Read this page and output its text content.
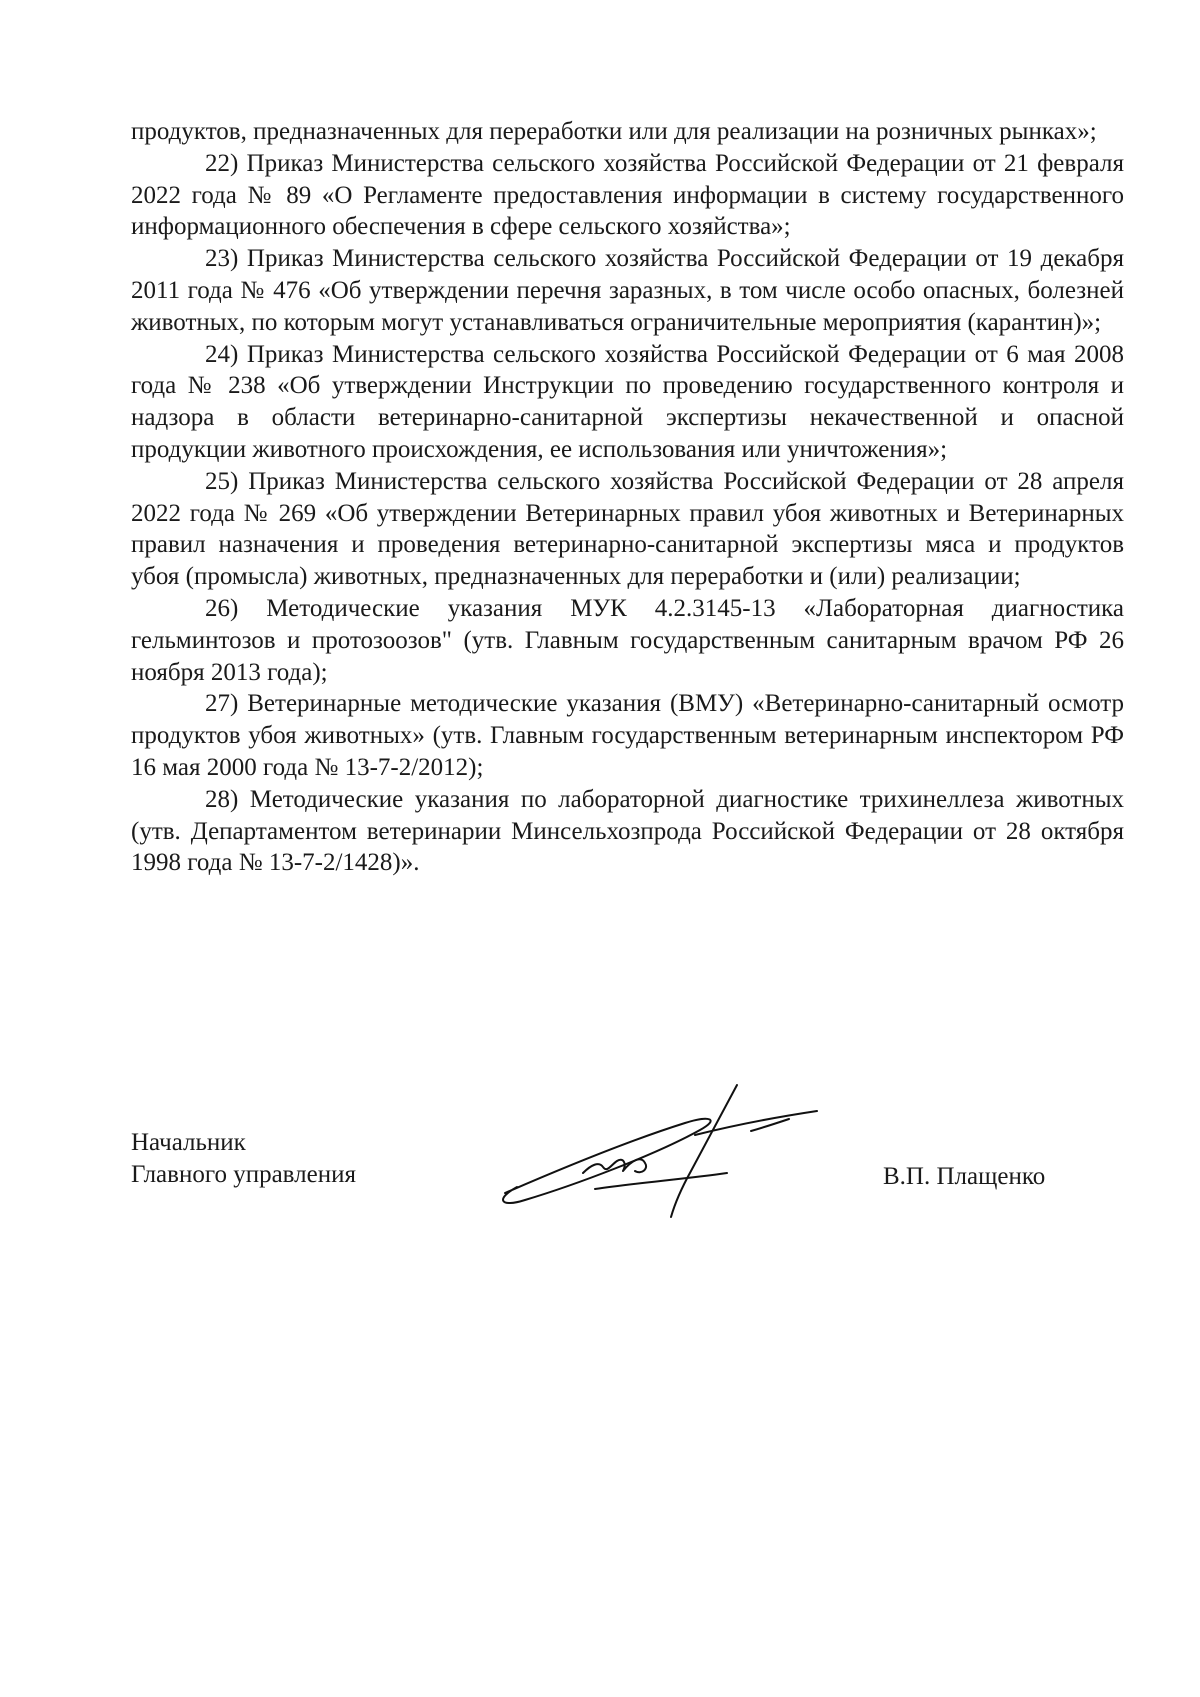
продуктов, предназначенных для переработки или для реализации на розничных рынках»;

22) Приказ Министерства сельского хозяйства Российской Федерации от 21 февраля 2022 года № 89 «О Регламенте предоставления информации в систему государственного информационного обеспечения в сфере сельского хозяйства»;

23) Приказ Министерства сельского хозяйства Российской Федерации от 19 декабря 2011 года № 476 «Об утверждении перечня заразных, в том числе особо опасных, болезней животных, по которым могут устанавливаться ограничительные мероприятия (карантин)»;

24) Приказ Министерства сельского хозяйства Российской Федерации от 6 мая 2008 года № 238 «Об утверждении Инструкции по проведению государственного контроля и надзора в области ветеринарно-санитарной экспертизы некачественной и опасной продукции животного происхождения, ее использования или уничтожения»;

25) Приказ Министерства сельского хозяйства Российской Федерации от 28 апреля 2022 года № 269 «Об утверждении Ветеринарных правил убоя животных и Ветеринарных правил назначения и проведения ветеринарно-санитарной экспертизы мяса и продуктов убоя (промысла) животных, предназначенных для переработки и (или) реализации;

26) Методические указания МУК 4.2.3145-13 «Лабораторная диагностика гельминтозов и протозоозов" (утв. Главным государственным санитарным врачом РФ 26 ноября 2013 года);

27) Ветеринарные методические указания (ВМУ) «Ветеринарно-санитарный осмотр продуктов убоя животных» (утв. Главным государственным ветеринарным инспектором РФ 16 мая 2000 года № 13-7-2/2012);

28) Методические указания по лабораторной диагностике трихинеллеза животных (утв. Департаментом ветеринарии Минсельхозпрода Российской Федерации от 28 октября 1998 года № 13-7-2/1428)».

Начальник
Главного управления	В.П. Плащенко
